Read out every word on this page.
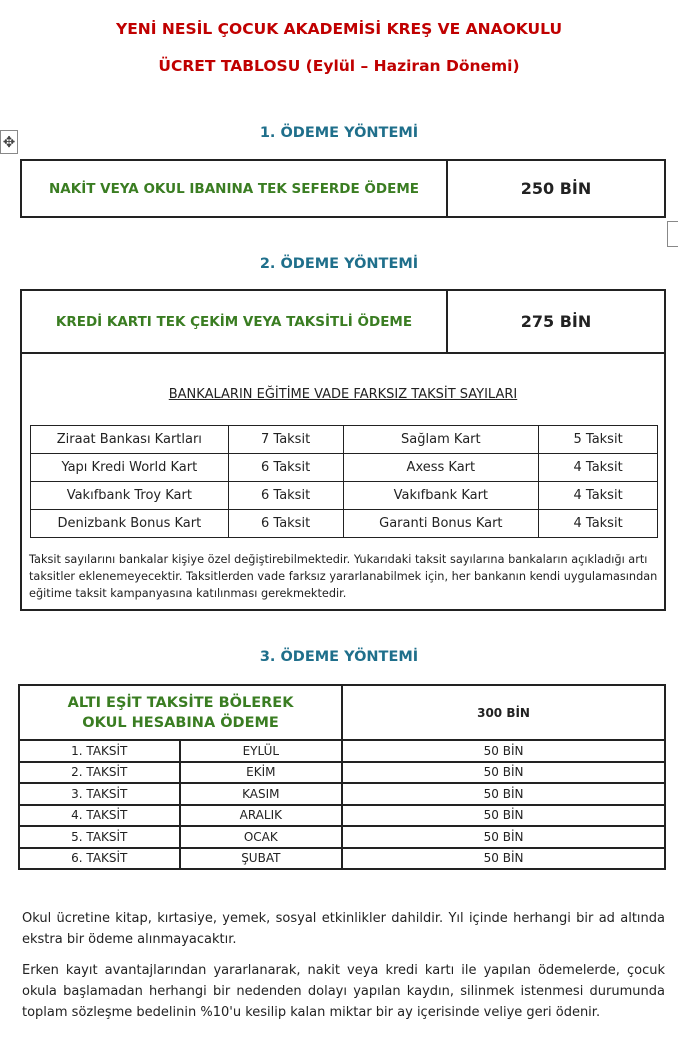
YENİ NESİL ÇOCUK AKADEMİSİ KREŞ VE ANAOKULU
ÜCRET TABLOSU (Eylül – Haziran Dönemi)
✥	1. ÖDEME YÖNTEMİ
NAKİT VEYA OKUL IBANINA TEK SEFERDE ÖDEME	250 BİN
2. ÖDEME YÖNTEMİ
KREDİ KARTI TEK ÇEKİM VEYA TAKSİTLİ ÖDEME	275 BİN
BANKALARIN EĞİTİME VADE FARKSIZ TAKSİT SAYILARI
Ziraat Bankası Kartları	7 Taksit	Sağlam Kart	5 Taksit
Yapı Kredi World Kart	6 Taksit	Axess Kart	4 Taksit
Vakıfbank Troy Kart	6 Taksit	Vakıfbank Kart	4 Taksit
Denizbank Bonus Kart	6 Taksit	Garanti Bonus Kart	4 Taksit
Taksit sayılarını bankalar kişiye özel değiştirebilmektedir. Yukarıdaki taksit sayılarına bankaların açıkladığı artı taksitler eklenemeyecektir. Taksitlerden vade farksız yararlanabilmek için, her bankanın kendi uygulamasından eğitime taksit kampanyasına katılınması gerekmektedir.
3. ÖDEME YÖNTEMİ
ALTI EŞİT TAKSİTE BÖLEREK
OKUL HESABINA ÖDEME		300 BİN
1. TAKSİT	EYLÜL	50 BİN
2. TAKSİT	EKİM	50 BİN
3. TAKSİT	KASIM	50 BİN
4. TAKSİT	ARALIK	50 BİN
5. TAKSİT	OCAK	50 BİN
6. TAKSİT	ŞUBAT	50 BİN
Okul ücretine kitap, kırtasiye, yemek, sosyal etkinlikler dahildir. Yıl içinde herhangi bir ad altında ekstra bir ödeme alınmayacaktır.
Erken kayıt avantajlarından yararlanarak, nakit veya kredi kartı ile yapılan ödemelerde, çocuk okula başlamadan herhangi bir nedenden dolayı yapılan kaydın, silinmek istenmesi durumunda toplam sözleşme bedelinin %10'u kesilip kalan miktar bir ay içerisinde veliye geri ödenir.
